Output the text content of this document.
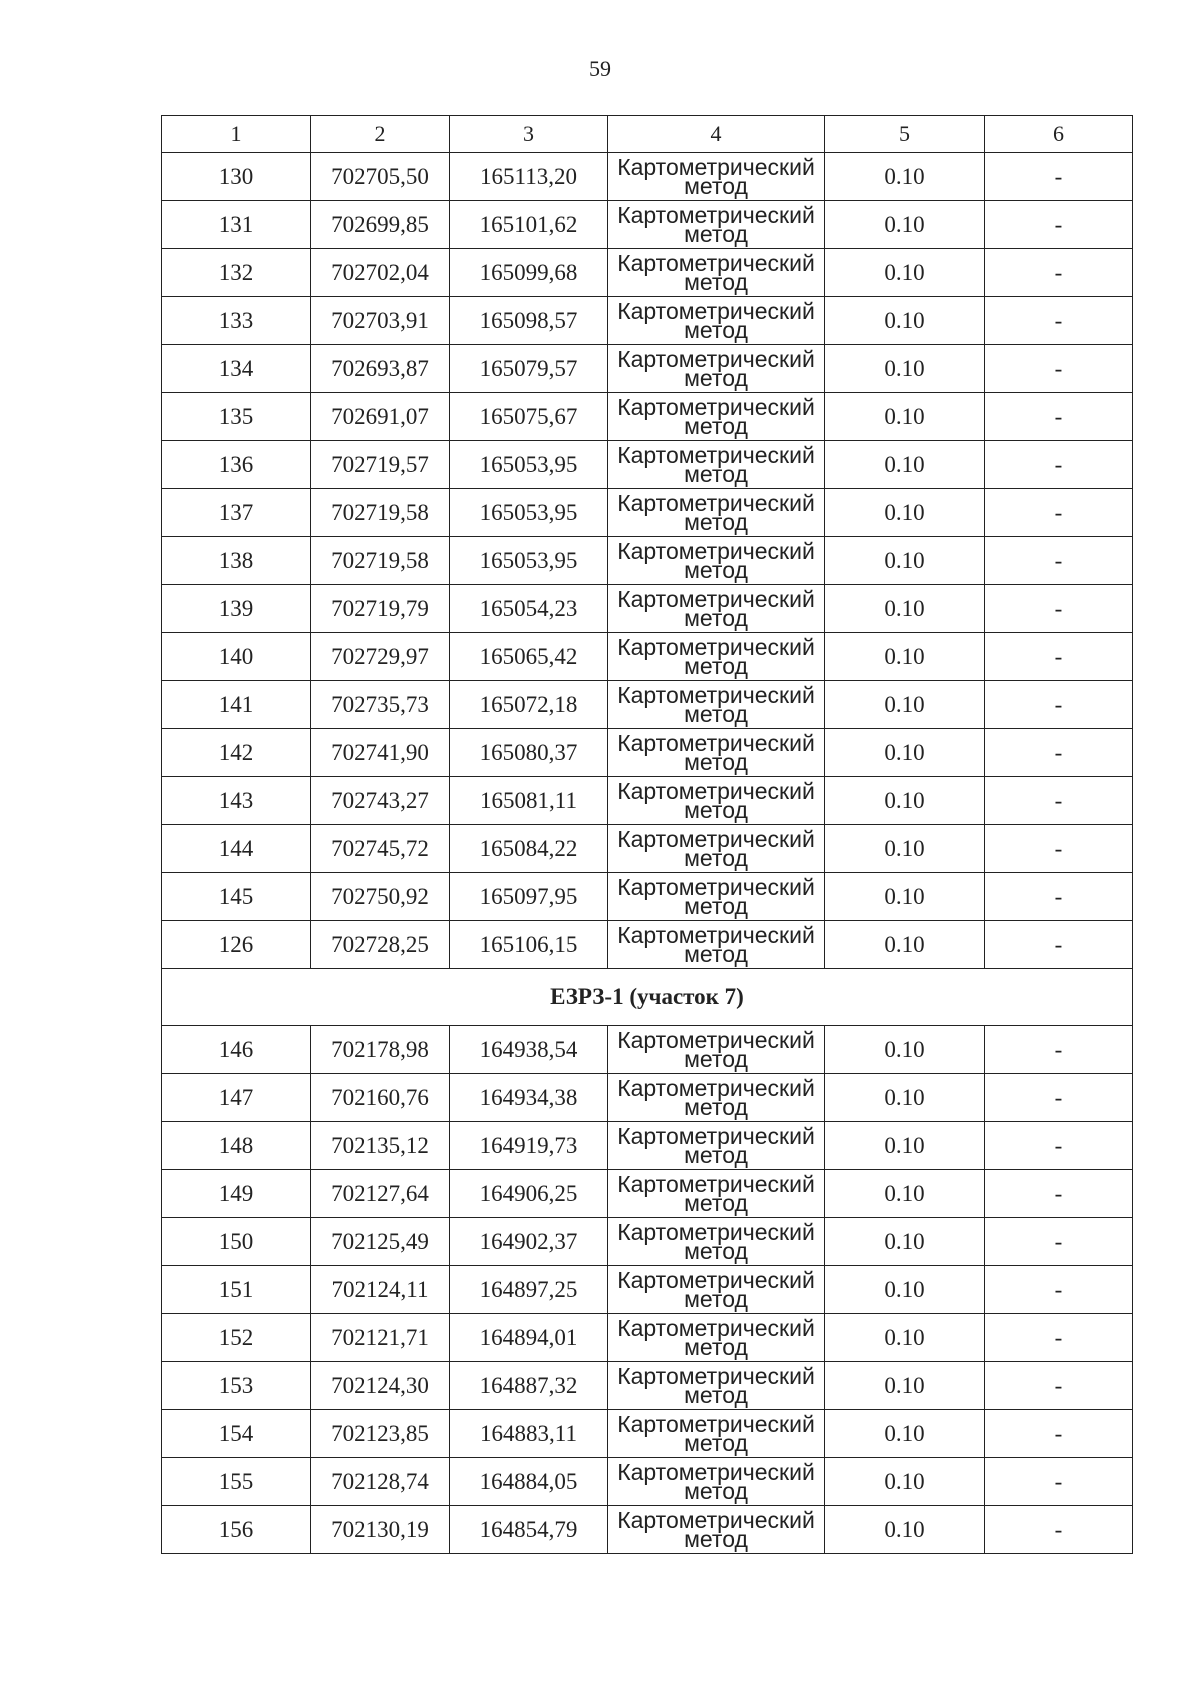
59
1	2	3	4	5	6
130	702705,50	165113,20	Картометрический
метод	0.10	-
131	702699,85	165101,62	Картометрический
метод	0.10	-
132	702702,04	165099,68	Картометрический
метод	0.10	-
133	702703,91	165098,57	Картометрический
метод	0.10	-
134	702693,87	165079,57	Картометрический
метод	0.10	-
135	702691,07	165075,67	Картометрический
метод	0.10	-
136	702719,57	165053,95	Картометрический
метод	0.10	-
137	702719,58	165053,95	Картометрический
метод	0.10	-
138	702719,58	165053,95	Картометрический
метод	0.10	-
139	702719,79	165054,23	Картометрический
метод	0.10	-
140	702729,97	165065,42	Картометрический
метод	0.10	-
141	702735,73	165072,18	Картометрический
метод	0.10	-
142	702741,90	165080,37	Картометрический
метод	0.10	-
143	702743,27	165081,11	Картометрический
метод	0.10	-
144	702745,72	165084,22	Картометрический
метод	0.10	-
145	702750,92	165097,95	Картометрический
метод	0.10	-
126	702728,25	165106,15	Картометрический
метод	0.10	-
ЕЗРЗ-1 (участок 7)					
146	702178,98	164938,54	Картометрический
метод	0.10	-
147	702160,76	164934,38	Картометрический
метод	0.10	-
148	702135,12	164919,73	Картометрический
метод	0.10	-
149	702127,64	164906,25	Картометрический
метод	0.10	-
150	702125,49	164902,37	Картометрический
метод	0.10	-
151	702124,11	164897,25	Картометрический
метод	0.10	-
152	702121,71	164894,01	Картометрический
метод	0.10	-
153	702124,30	164887,32	Картометрический
метод	0.10	-
154	702123,85	164883,11	Картометрический
метод	0.10	-
155	702128,74	164884,05	Картометрический
метод	0.10	-
156	702130,19	164854,79	Картометрический
метод	0.10	-
